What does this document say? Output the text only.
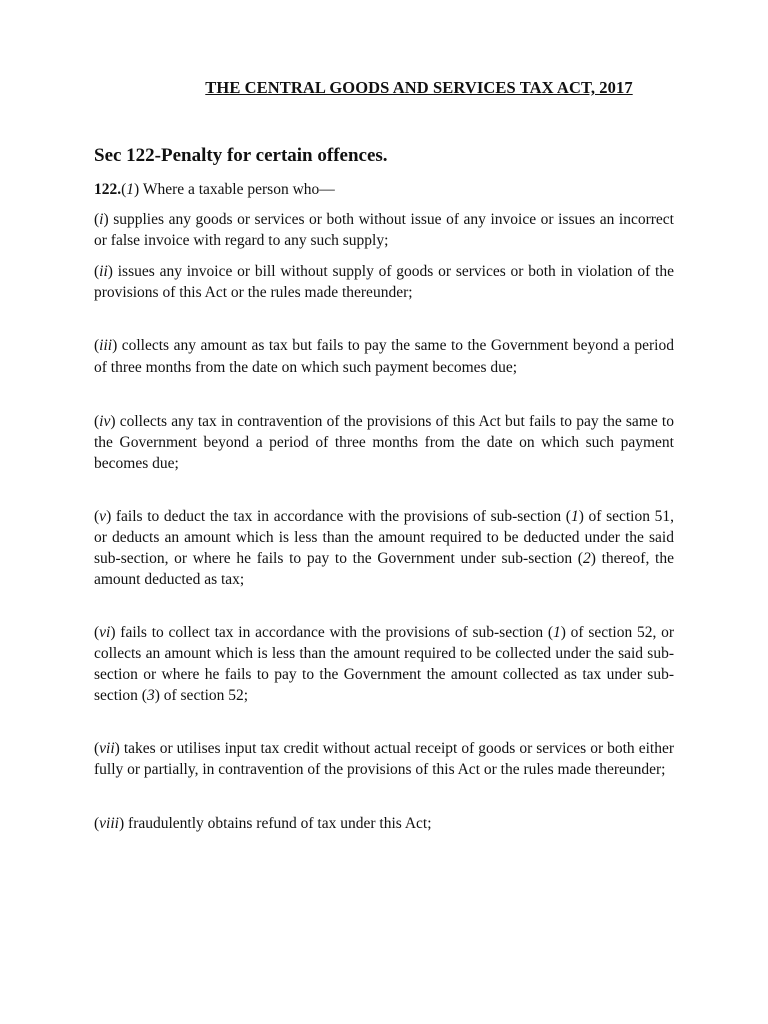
THE CENTRAL GOODS AND SERVICES TAX ACT, 2017
Sec 122-Penalty for certain offences.

122.(1) Where a taxable person who—

(i) supplies any goods or services or both without issue of any invoice or issues an incorrect or false invoice with regard to any such supply;

(ii) issues any invoice or bill without supply of goods or services or both in violation of the provisions of this Act or the rules made thereunder;

(iii) collects any amount as tax but fails to pay the same to the Government beyond a period of three months from the date on which such payment becomes due;

(iv) collects any tax in contravention of the provisions of this Act but fails to pay the same to the Government beyond a period of three months from the date on which such payment becomes due;

(v) fails to deduct the tax in accordance with the provisions of sub-section (1) of section 51, or deducts an amount which is less than the amount required to be deducted under the said sub-section, or where he fails to pay to the Government under sub-section (2) thereof, the amount deducted as tax;

(vi) fails to collect tax in accordance with the provisions of sub-section (1) of section 52, or collects an amount which is less than the amount required to be collected under the said sub-section or where he fails to pay to the Government the amount collected as tax under sub-section (3) of section 52;

(vii) takes or utilises input tax credit without actual receipt of goods or services or both either fully or partially, in contravention of the provisions of this Act or the rules made thereunder;

(viii) fraudulently obtains refund of tax under this Act;
